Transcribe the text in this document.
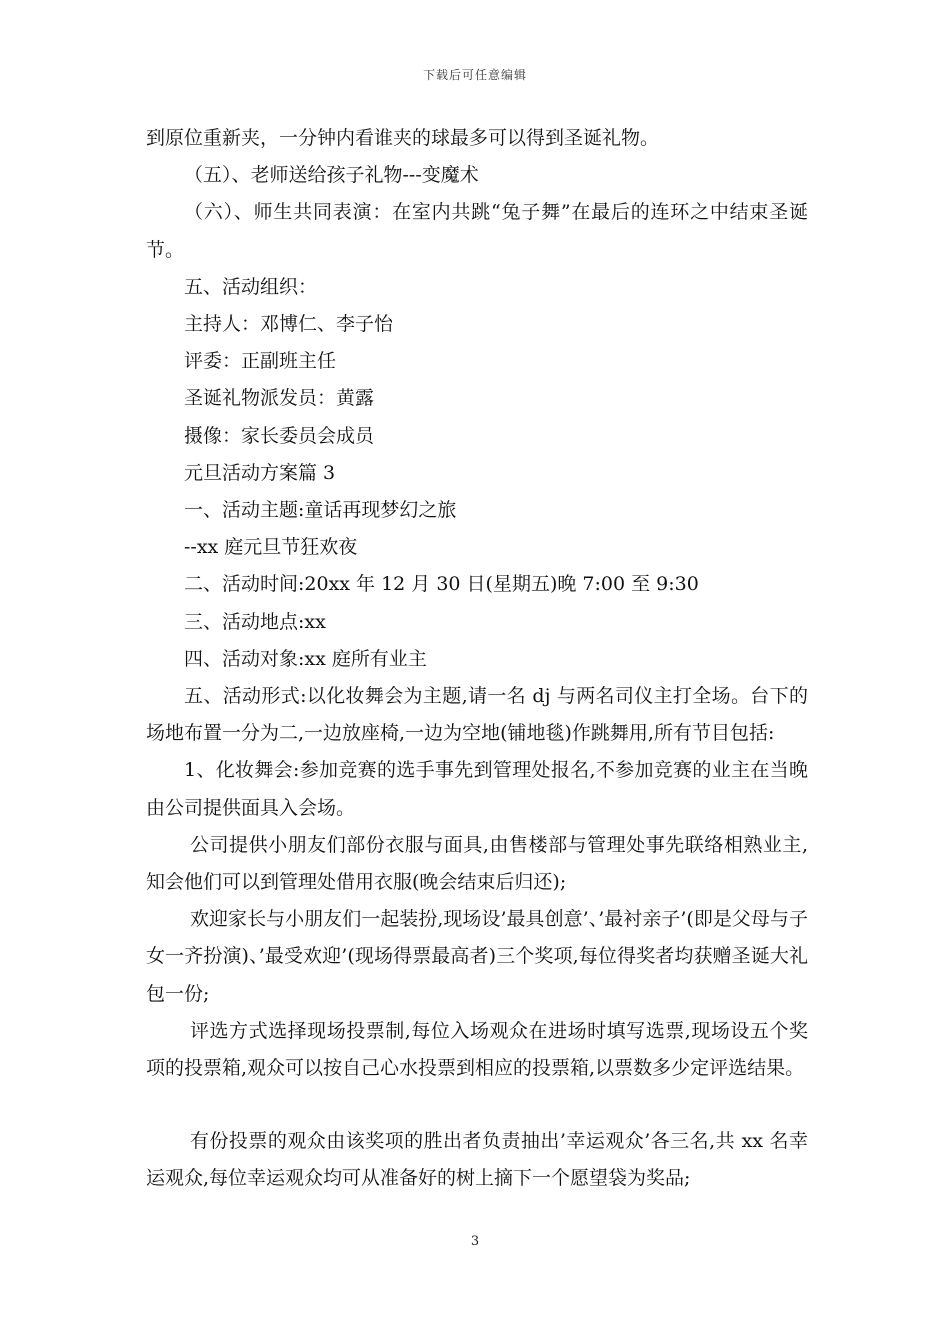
下载后可任意编辑

到原位重新夹，一分钟内看谁夹的球最多可以得到圣诞礼物。

（五）、老师送给孩子礼物---变魔术

（六）、师生共同表演：在室内共跳“兔子舞”在最后的连环之中结束圣诞节。

五、活动组织：

主持人：邓博仁、李子怡

评委：正副班主任

圣诞礼物派发员：黄露

摄像：家长委员会成员

元旦活动方案篇 3

一、活动主题:童话再现梦幻之旅

--xx 庭元旦节狂欢夜

二、活动时间:20xx 年 12 月 30 日(星期五)晚 7:00 至 9:30

三、活动地点:xx

四、活动对象:xx 庭所有业主

五、活动形式:以化妆舞会为主题,请一名 dj 与两名司仪主打全场。台下的场地布置一分为二,一边放座椅,一边为空地(铺地毯)作跳舞用,所有节目包括:

1、化妆舞会:参加竞赛的选手事先到管理处报名,不参加竞赛的业主在当晚由公司提供面具入会场。

公司提供小朋友们部份衣服与面具,由售楼部与管理处事先联络相熟业主,知会他们可以到管理处借用衣服(晚会结束后归还);

欢迎家长与小朋友们一起装扮,现场设’最具创意’、’最衬亲子’(即是父母与子女一齐扮演)、’最受欢迎’(现场得票最高者)三个奖项,每位得奖者均获赠圣诞大礼包一份;

评选方式选择现场投票制,每位入场观众在进场时填写选票,现场设五个奖项的投票箱,观众可以按自己心水投票到相应的投票箱,以票数多少定评选结果。

有份投票的观众由该奖项的胜出者负责抽出’幸运观众’各三名,共 xx 名幸运观众,每位幸运观众均可从准备好的树上摘下一个愿望袋为奖品;

3
